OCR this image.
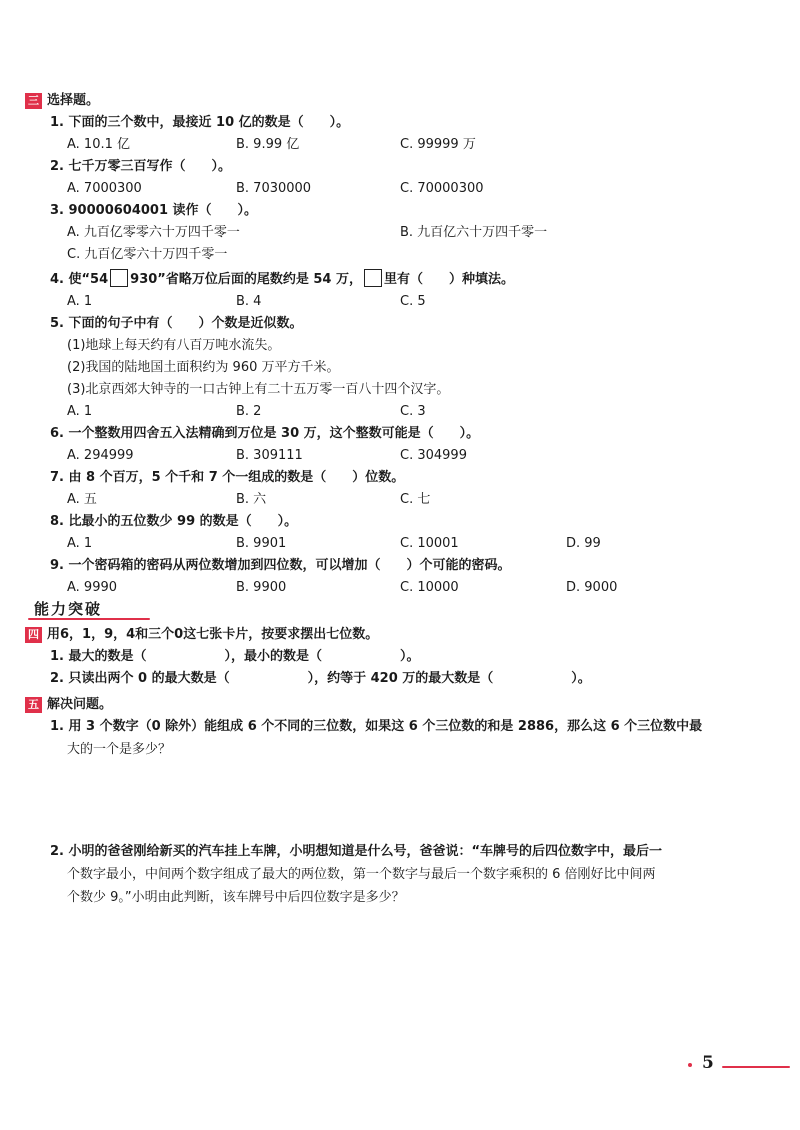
三 选择题。
1. 下面的三个数中，最接近 10 亿的数是（　　）。
A. 10.1 亿	B. 9.99 亿	C. 99999 万
2. 七千万零三百写作（　　）。
A. 7000300	B. 7030000	C. 70000300
3. 90000604001 读作（　　）。
A. 九百亿零零六十万四千零一	B. 九百亿六十万四千零一
C. 九百亿零六十万四千零一
4. 使“54 930”省略万位后面的尾数约是 54 万， 里有（　　）种填法。
A. 1	B. 4	C. 5
5. 下面的句子中有（　　）个数是近似数。
(1)地球上每天约有八百万吨水流失。
(2)我国的陆地国土面积约为 960 万平方千米。
(3)北京西郊大钟寺的一口古钟上有二十五万零一百八十四个汉字。
A. 1	B. 2	C. 3
6. 一个整数用四舍五入法精确到万位是 30 万，这个整数可能是（　　）。
A. 294999	B. 309111	C. 304999
7. 由 8 个百万，5 个千和 7 个一组成的数是（　　）位数。
A. 五	B. 六	C. 七
8. 比最小的五位数少 99 的数是（　　）。
A. 1	B. 9901	C. 10001	D. 99
9. 一个密码箱的密码从两位数增加到四位数，可以增加（　　）个可能的密码。
A. 9990	B. 9900	C. 10000	D. 9000
能力突破
四 用6，1，9，4和三个0这七张卡片，按要求摆出七位数。
1. 最大的数是（　　　　　　），最小的数是（　　　　　　）。
2. 只读出两个 0 的最大数是（　　　　　　），约等于 420 万的最大数是（　　　　　　）。
五 解决问题。
1. 用 3 个数字（0 除外）能组成 6 个不同的三位数，如果这 6 个三位数的和是 2886，那么这 6 个三位数中最
大的一个是多少？
2. 小明的爸爸刚给新买的汽车挂上车牌，小明想知道是什么号，爸爸说：“车牌号的后四位数字中，最后一
个数字最小，中间两个数字组成了最大的两位数，第一个数字与最后一个数字乘积的 6 倍刚好比中间两
个数少 9。”小明由此判断，该车牌号中后四位数字是多少？
5
